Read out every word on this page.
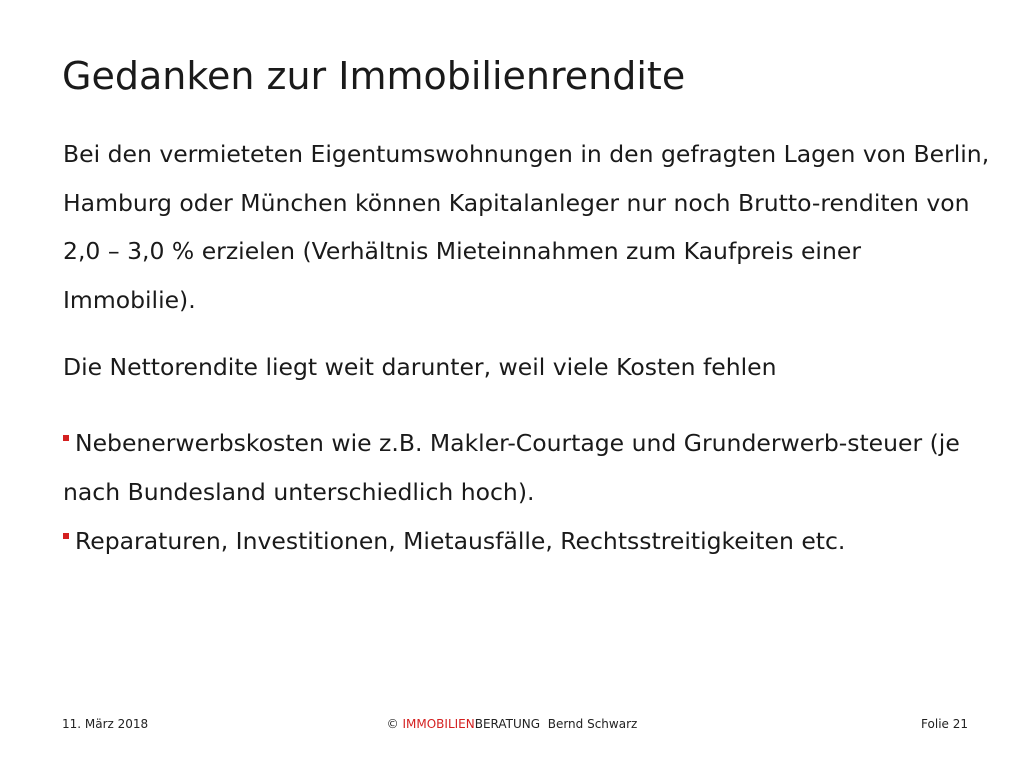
Gedanken zur Immobilienrendite

Bei den vermieteten Eigentumswohnungen in den gefragten Lagen von Berlin, Hamburg oder München können Kapitalanleger nur noch Brutto-renditen von 2,0 – 3,0 % erzielen (Verhältnis Mieteinnahmen zum Kaufpreis einer Immobilie).

Die Nettorendite liegt weit darunter, weil viele Kosten fehlen

Nebenerwerbskosten wie z.B. Makler-Courtage und Grunderwerb-steuer (je nach Bundesland unterschiedlich hoch).
Reparaturen, Investitionen, Mietausfälle, Rechtsstreitigkeiten etc.
11. März 2018	© IMMOBILIENBERATUNG Bernd Schwarz	Folie 21
